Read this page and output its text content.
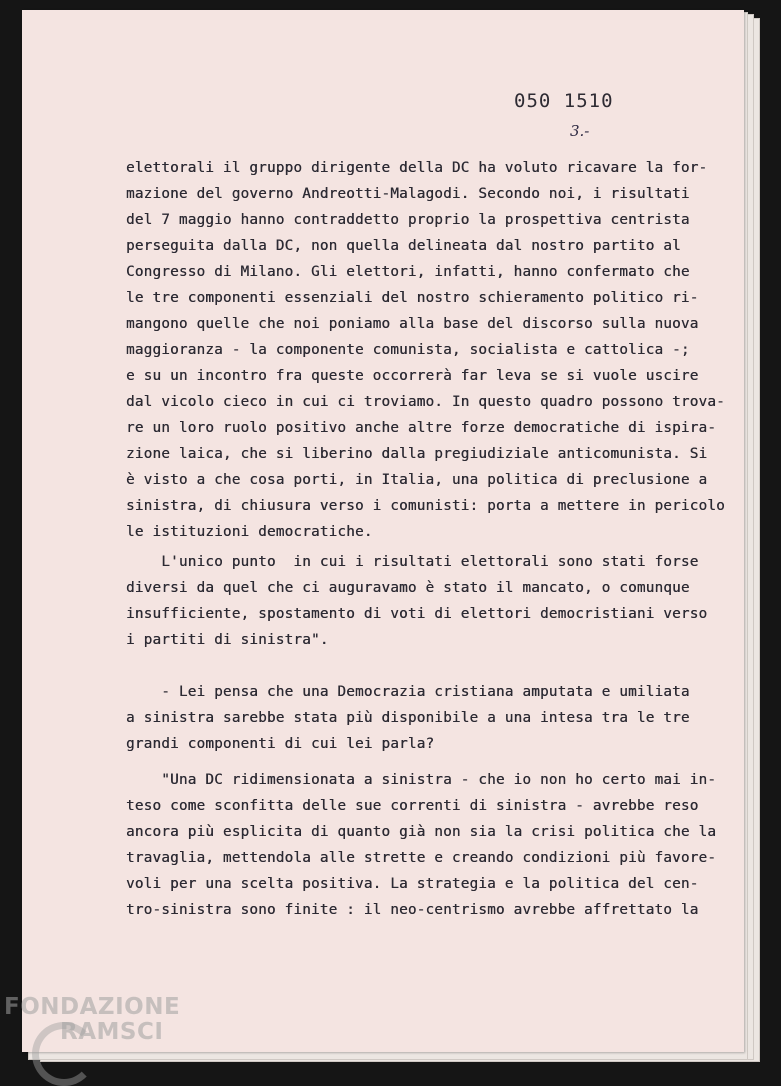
050 1510
3.-
elettorali il gruppo dirigente della DC ha voluto ricavare la for-
mazione del governo Andreotti-Malagodi. Secondo noi, i risultati
del 7 maggio hanno contraddetto proprio la prospettiva centrista
perseguita dalla DC, non quella delineata dal nostro partito al
Congresso di Milano. Gli elettori, infatti, hanno confermato che
le tre componenti essenziali del nostro schieramento politico ri-
mangono quelle che noi poniamo alla base del discorso sulla nuova
maggioranza - la componente comunista, socialista e cattolica -;
e su un incontro fra queste occorrerà far leva se si vuole uscire
dal vicolo cieco in cui ci troviamo. In questo quadro possono trova-
re un loro ruolo positivo anche altre forze democratiche di ispira-
zione laica, che si liberino dalla pregiudiziale anticomunista. Si
è visto a che cosa porti, in Italia, una politica di preclusione a
sinistra, di chiusura verso i comunisti: porta a mettere in pericolo
le istituzioni democratiche.
L'unico punto  in cui i risultati elettorali sono stati forse
diversi da quel che ci auguravamo è stato il mancato, o comunque
insufficiente, spostamento di voti di elettori democristiani verso
i partiti di sinistra".
- Lei pensa che una Democrazia cristiana amputata e umiliata
a sinistra sarebbe stata più disponibile a una intesa tra le tre
grandi componenti di cui lei parla?
"Una DC ridimensionata a sinistra - che io non ho certo mai in-
teso come sconfitta delle sue correnti di sinistra - avrebbe reso
ancora più esplicita di quanto già non sia la crisi politica che la
travaglia, mettendola alle strette e creando condizioni più favore-
voli per una scelta positiva. La strategia e la politica del cen-
tro-sinistra sono finite : il neo-centrismo avrebbe affrettato la
FONDAZIONE
RAMSCI
